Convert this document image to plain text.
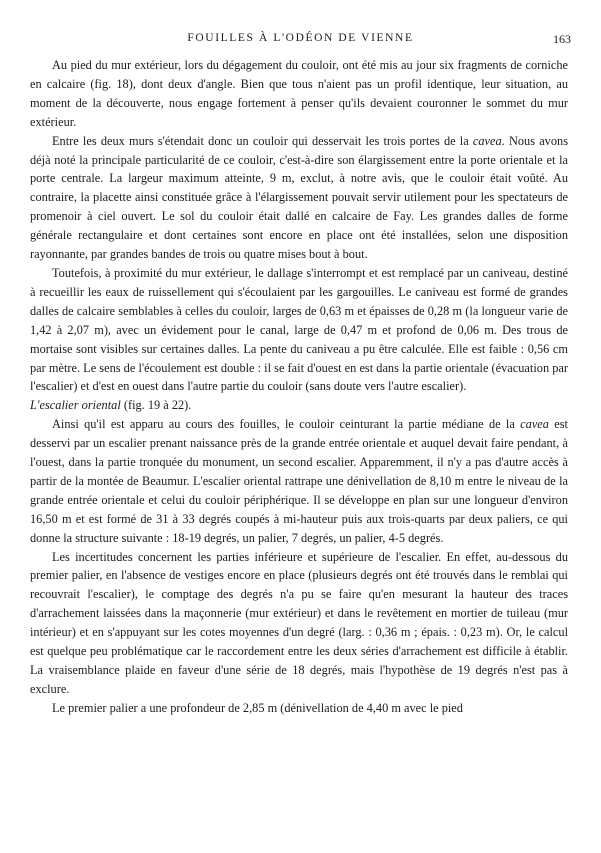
FOUILLES À L'ODÉON DE VIENNE	163

Au pied du mur extérieur, lors du dégagement du couloir, ont été mis au jour six fragments de corniche en calcaire (fig. 18), dont deux d'angle. Bien que tous n'aient pas un profil identique, leur situation, au moment de la découverte, nous engage fortement à penser qu'ils devaient couronner le sommet du mur extérieur.

Entre les deux murs s'étendait donc un couloir qui desservait les trois portes de la cavea. Nous avons déjà noté la principale particularité de ce couloir, c'est-à-dire son élargissement entre la porte orientale et la porte centrale. La largeur maximum atteinte, 9 m, exclut, à notre avis, que le couloir était voûté. Au contraire, la placette ainsi constituée grâce à l'élargissement pouvait servir utilement pour les spectateurs de promenoir à ciel ouvert. Le sol du couloir était dallé en calcaire de Fay. Les grandes dalles de forme générale rectangulaire et dont certaines sont encore en place ont été installées, selon une disposition rayonnante, par grandes bandes de trois ou quatre mises bout à bout.

Toutefois, à proximité du mur extérieur, le dallage s'interrompt et est remplacé par un caniveau, destiné à recueillir les eaux de ruissellement qui s'écoulaient par les gargouilles. Le caniveau est formé de grandes dalles de calcaire semblables à celles du couloir, larges de 0,63 m et épaisses de 0,28 m (la longueur varie de 1,42 à 2,07 m), avec un évidement pour le canal, large de 0,47 m et profond de 0,06 m. Des trous de mortaise sont visibles sur certaines dalles. La pente du caniveau a pu être calculée. Elle est faible : 0,56 cm par mètre. Le sens de l'écoulement est double : il se fait d'ouest en est dans la partie orientale (évacuation par l'escalier) et d'est en ouest dans l'autre partie du couloir (sans doute vers l'autre escalier).

L'escalier oriental (fig. 19 à 22).

Ainsi qu'il est apparu au cours des fouilles, le couloir ceinturant la partie médiane de la cavea est desservi par un escalier prenant naissance près de la grande entrée orientale et auquel devait faire pendant, à l'ouest, dans la partie tronquée du monument, un second escalier. Apparemment, il n'y a pas d'autre accès à partir de la montée de Beaumur. L'escalier oriental rattrape une dénivellation de 8,10 m entre le niveau de la grande entrée orientale et celui du couloir périphérique. Il se développe en plan sur une longueur d'environ 16,50 m et est formé de 31 à 33 degrés coupés à mi-hauteur puis aux trois-quarts par deux paliers, ce qui donne la structure suivante : 18-19 degrés, un palier, 7 degrés, un palier, 4-5 degrés.

Les incertitudes concernent les parties inférieure et supérieure de l'escalier. En effet, au-dessous du premier palier, en l'absence de vestiges encore en place (plusieurs degrés ont été trouvés dans le remblai qui recouvrait l'escalier), le comptage des degrés n'a pu se faire qu'en mesurant la hauteur des traces d'arrachement laissées dans la maçonnerie (mur extérieur) et dans le revêtement en mortier de tuileau (mur intérieur) et en s'appuyant sur les cotes moyennes d'un degré (larg. : 0,36 m ; épais. : 0,23 m). Or, le calcul est quelque peu problématique car le raccordement entre les deux séries d'arrachement est difficile à établir. La vraisemblance plaide en faveur d'une série de 18 degrés, mais l'hypothèse de 19 degrés n'est pas à exclure.

Le premier palier a une profondeur de 2,85 m (dénivellation de 4,40 m avec le pied
